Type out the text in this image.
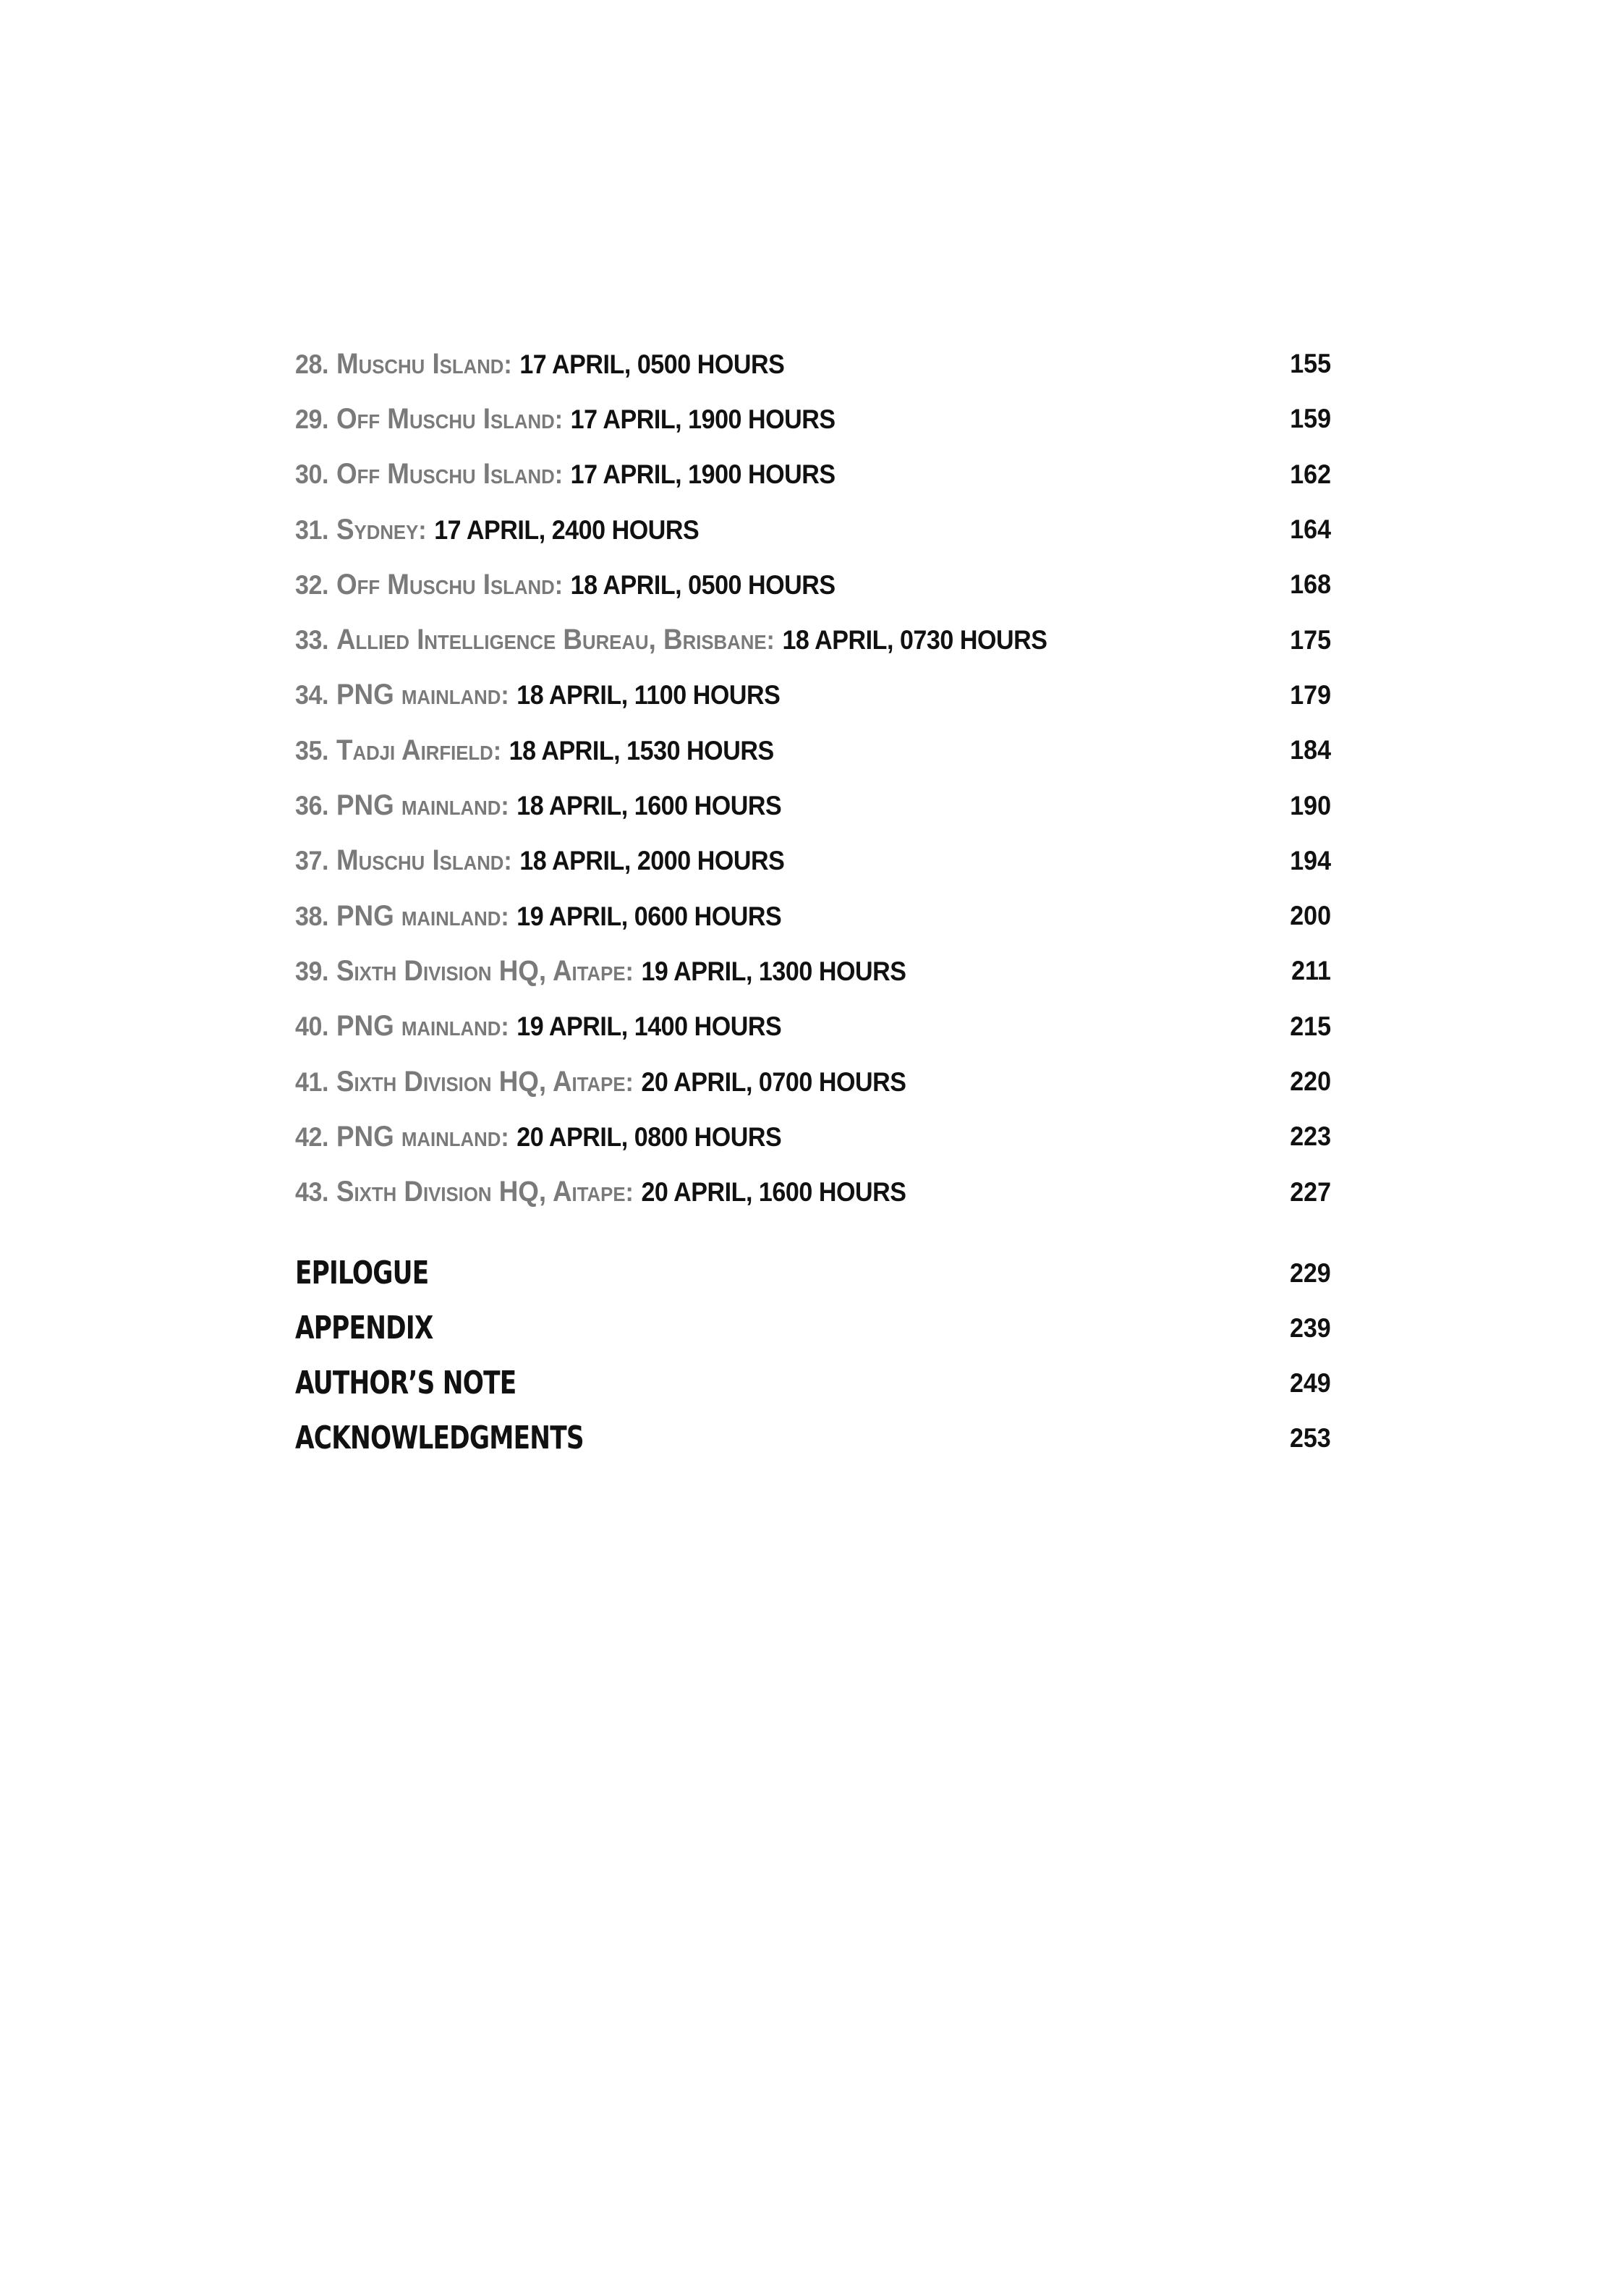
28. Muschu Island : 17 APRIL, 0500 HOURS	155
29. Off Muschu Island : 17 APRIL, 1900 HOURS	159
30. Off Muschu Island : 17 APRIL, 1900 HOURS	162
31. Sydney : 17 APRIL, 2400 HOURS	164
32. Off Muschu Island : 18 APRIL, 0500 HOURS	168
33. Allied Intelligence Bureau, Brisbane : 18 APRIL, 0730 HOURS	175
34. PNG mainland : 18 APRIL, 1100 HOURS	179
35. Tadji Airfield : 18 APRIL, 1530 HOURS	184
36. PNG mainland : 18 APRIL, 1600 HOURS	190
37. Muschu Island : 18 APRIL, 2000 HOURS	194
38. PNG mainland : 19 APRIL, 0600 HOURS	200
39. Sixth Division HQ, Aitape : 19 APRIL, 1300 HOURS	211
40. PNG mainland : 19 APRIL, 1400 HOURS	215
41. Sixth Division HQ, Aitape : 20 APRIL, 0700 HOURS	220
42. PNG mainland : 20 APRIL, 0800 HOURS	223
43. Sixth Division HQ, Aitape : 20 APRIL, 1600 HOURS	227
EPILOGUE	229
APPENDIX	239
AUTHOR’S NOTE	249
ACKNOWLEDGMENTS	253
